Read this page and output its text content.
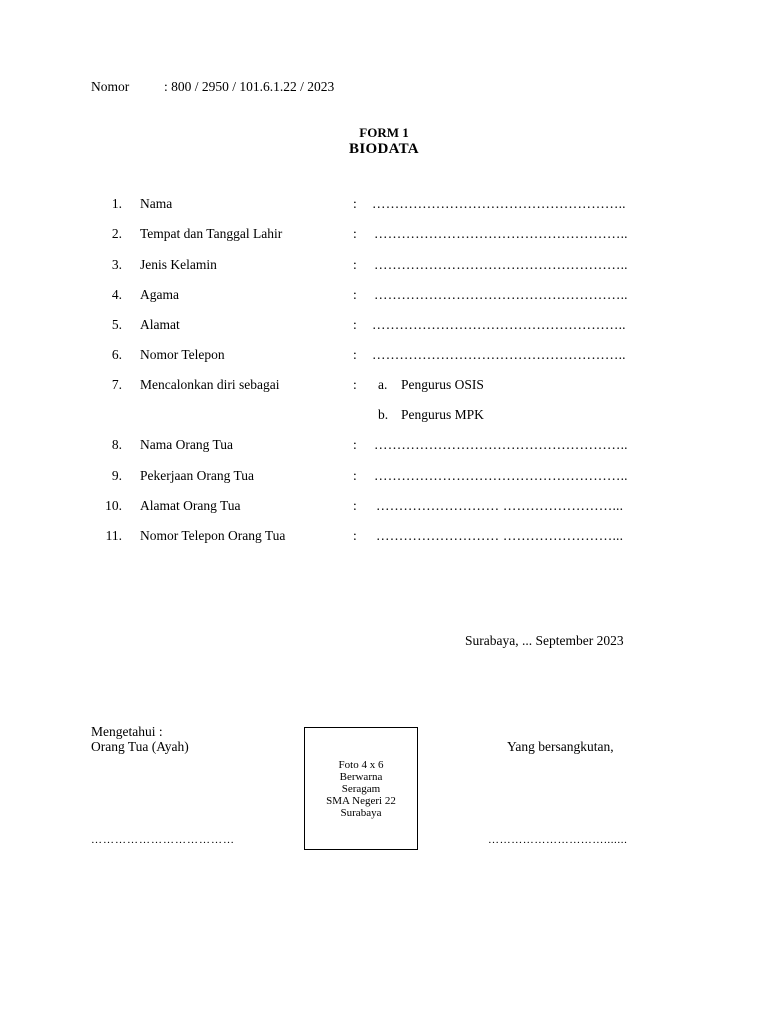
Nomor	: 800 / 2950 / 101.6.1.22 / 2023
FORM 1
BIODATA
1. Nama	: ………………………………………………..
2. Tempat dan Tanggal Lahir	: ………………………………………………..
3. Jenis Kelamin	: ………………………………………………..
4. Agama	: ………………………………………………..
5. Alamat	: ………………………………………………..
6. Nomor Telepon	: ………………………………………………..
7. Mencalonkan diri sebagai	: a. Pengurus OSIS
b. Pengurus MPK
8. Nama Orang Tua	: ………………………………………………..
9. Pekerjaan Orang Tua	: ………………………………………………..
10. Alamat Orang Tua	: ……………………… ……………………...
11. Nomor Telepon Orang Tua	: ……………………… ……………………...
Surabaya, ... September 2023
Mengetahui :
Orang Tua (Ayah)	Yang bersangkutan,
Foto 4 x 6
Berwarna
Seragam
SMA Negeri 22
Surabaya
………………………………	………………………….......
